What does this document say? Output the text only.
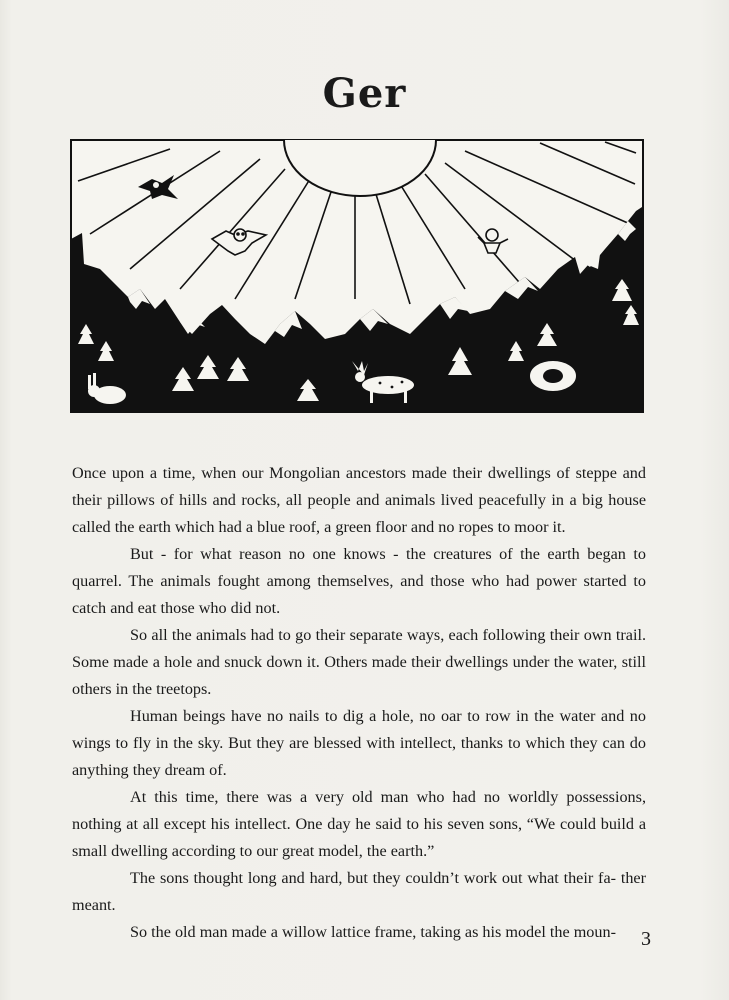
Ger

Once upon a time, when our Mongolian ancestors made their dwellings of steppe and their pillows of hills and rocks, all people and animals lived peacefully in a big house called the earth which had a blue roof, a green floor and no ropes to moor it.

But - for what reason no one knows - the creatures of the earth began to quarrel. The animals fought among themselves, and those who had power started to catch and eat those who did not.

So all the animals had to go their separate ways, each following their own trail. Some made a hole and snuck down it. Others made their dwellings under the water, still others in the treetops.

Human beings have no nails to dig a hole, no oar to row in the water and no wings to fly in the sky. But they are blessed with intellect, thanks to which they can do anything they dream of.

At this time, there was a very old man who had no worldly possessions, nothing at all except his intellect. One day he said to his seven sons, “We could build a small dwelling according to our great model, the earth.”

The sons thought long and hard, but they couldn’t work out what their fa- ther meant.

So the old man made a willow lattice frame, taking as his model the moun-	3
